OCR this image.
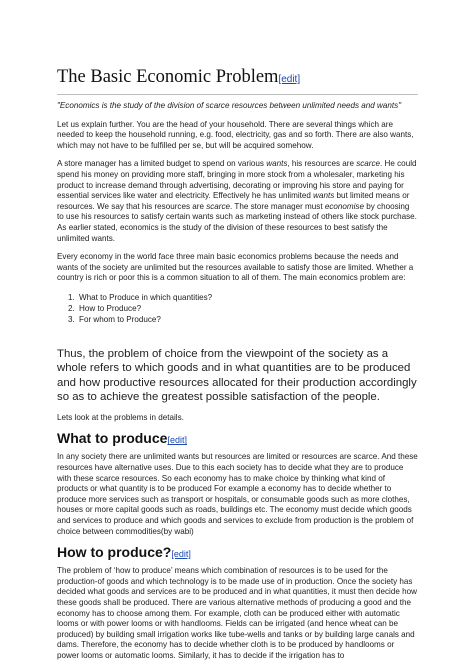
The Basic Economic Problem[edit]

"Economics is the study of the division of scarce resources between unlimited needs and wants"

Let us explain further. You are the head of your household. There are several things which are needed to keep the household running, e.g. food, electricity, gas and so forth. There are also wants, which may not have to be fulfilled per se, but will be acquired somehow.

A store manager has a limited budget to spend on various wants, his resources are scarce. He could spend his money on providing more staff, bringing in more stock from a wholesaler, marketing his product to increase demand through advertising, decorating or improving his store and paying for essential services like water and electricity. Effectively he has unlimited wants but limited means or resources. We say that his resources are scarce. The store manager must economise by choosing to use his resources to satisfy certain wants such as marketing instead of others like stock purchase. As earlier stated, economics is the study of the division of these resources to best satisfy the unlimited wants.

Every economy in the world face three main basic economics problems because the needs and wants of the society are unlimited but the resources available to satisfy those are limited. Whether a country is rich or poor this is a common situation to all of them. The main economics problem are:

1. What to Produce in which quantities?
2. How to Produce?
3. For whom to Produce?

Thus, the problem of choice from the viewpoint of the society as a whole refers to which goods and in what quantities are to be produced and how productive resources allocated for their production accordingly so as to achieve the greatest possible satisfaction of the people.

Lets look at the problems in details.

What to produce[edit]

In any society there are unlimited wants but resources are limited or resources are scarce. And these resources have alternative uses. Due to this each society has to decide what they are to produce with these scarce resources. So each economy has to make choice by thinking what kind of products or what quantity is to be produced For example a economy has to decide whether to produce more services such as transport or hospitals, or consumable goods such as more clothes, houses or more capital goods such as roads, buildings etc. The economy must decide which goods and services to produce and which goods and services to exclude from production is the problem of choice between commodities(by wabi)

How to produce?[edit]

The problem of ‘how to produce’ means which combination of resources is to be used for the production-of goods and which technology is to be made use of in production. Once the society has decided what goods and services are to be produced and in what quantities, it must then decide how these goods shall be produced. There are various alternative methods of producing a good and the economy has to choose among them. For example, cloth can be produced either with automatic looms or with power looms or with handlooms. Fields can be irrigated (and hence wheat can be produced) by building small irrigation works like tube-wells and tanks or by building large canals and dams. Therefore, the economy has to decide whether cloth is to be produced by handlooms or power looms or automatic looms. Similarly, it has to decide if the irrigation has to
